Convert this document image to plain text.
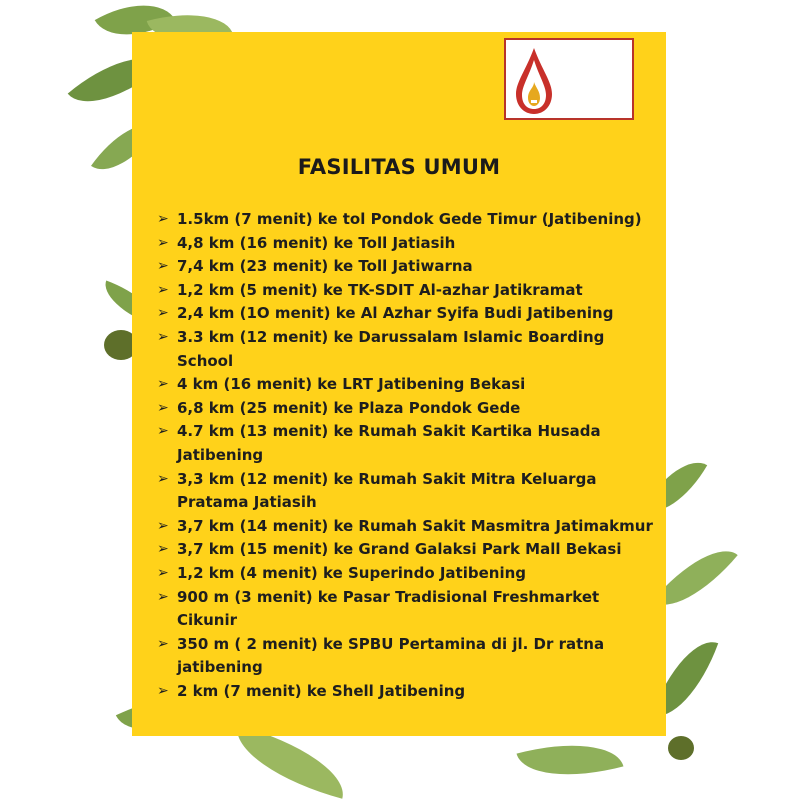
FASILITAS UMUM
➢ 1.5km (7 menit) ke tol Pondok Gede Timur (Jatibening)
➢ 4,8 km (16 menit) ke Toll Jatiasih
➢ 7,4 km (23 menit) ke Toll Jatiwarna
➢ 1,2 km (5 menit) ke TK-SDIT Al-azhar Jatikramat
➢ 2,4 km (1O menit) ke Al Azhar Syifa Budi Jatibening
➢ 3.3 km (12 menit) ke Darussalam Islamic Boarding
School
➢ 4 km (16 menit) ke LRT Jatibening Bekasi
➢ 6,8 km (25 menit) ke Plaza Pondok Gede
➢ 4.7 km (13 menit) ke Rumah Sakit Kartika Husada
Jatibening
➢ 3,3 km (12 menit) ke Rumah Sakit Mitra Keluarga
Pratama Jatiasih
➢ 3,7 km (14 menit) ke Rumah Sakit Masmitra Jatimakmur
➢ 3,7 km (15 menit) ke Grand Galaksi Park Mall Bekasi
➢ 1,2 km (4 menit) ke Superindo Jatibening
➢ 900 m (3 menit) ke Pasar Tradisional Freshmarket
Cikunir
➢ 350 m ( 2 menit) ke SPBU Pertamina di jl. Dr ratna
jatibening
➢ 2 km (7 menit) ke Shell Jatibening
